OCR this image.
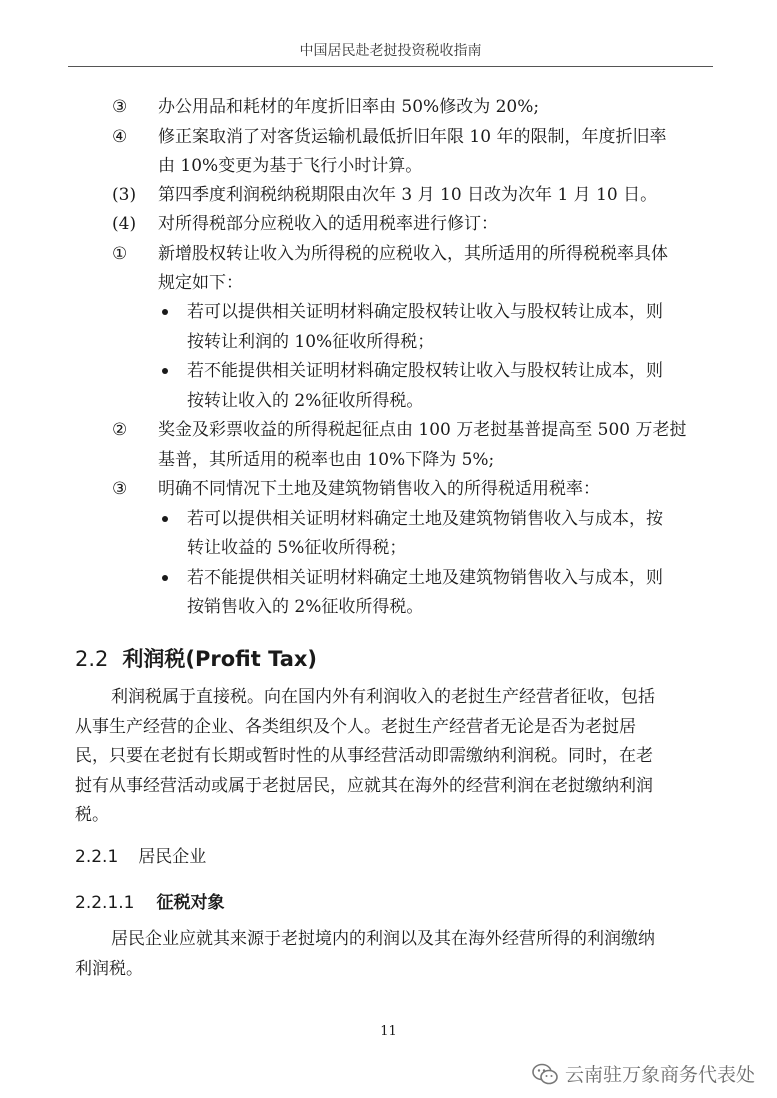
中国居民赴老挝投资税收指南
③ 办公用品和耗材的年度折旧率由 50%修改为 20%;
④ 修正案取消了对客货运输机最低折旧年限 10 年的限制，年度折旧率
由 10%变更为基于飞行小时计算。
(3) 第四季度利润税纳税期限由次年 3 月 10 日改为次年 1 月 10 日。
(4) 对所得税部分应税收入的适用税率进行修订：
① 新增股权转让收入为所得税的应税收入，其所适用的所得税税率具体
规定如下：
若可以提供相关证明材料确定股权转让收入与股权转让成本，则
按转让利润的 10%征收所得税；
若不能提供相关证明材料确定股权转让收入与股权转让成本，则
按转让收入的 2%征收所得税。
② 奖金及彩票收益的所得税起征点由 100 万老挝基普提高至 500 万老挝
基普，其所适用的税率也由 10%下降为 5%;
③ 明确不同情况下土地及建筑物销售收入的所得税适用税率：
若可以提供相关证明材料确定土地及建筑物销售收入与成本，按
转让收益的 5%征收所得税；
若不能提供相关证明材料确定土地及建筑物销售收入与成本，则
按销售收入的 2%征收所得税。
2.2 利润税(Profit Tax)
利润税属于直接税。向在国内外有利润收入的老挝生产经营者征收，包括
从事生产经营的企业、各类组织及个人。老挝生产经营者无论是否为老挝居
民，只要在老挝有长期或暂时性的从事经营活动即需缴纳利润税。同时，在老
挝有从事经营活动或属于老挝居民，应就其在海外的经营利润在老挝缴纳利润
税。
2.2.1 居民企业
2.2.1.1 征税对象
居民企业应就其来源于老挝境内的利润以及其在海外经营所得的利润缴纳
利润税。
11
云南驻万象商务代表处
